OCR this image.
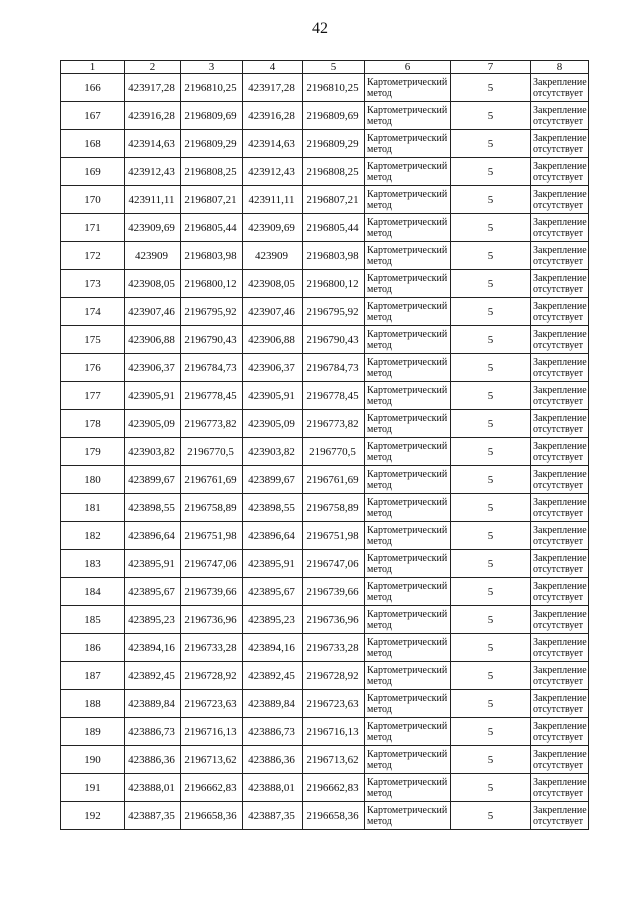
42
1	2	3	4	5	6	7	8
166	423917,28	2196810,25	423917,28	2196810,25	Картометрический метод	5	Закрепление отсутствует
167	423916,28	2196809,69	423916,28	2196809,69	Картометрический метод	5	Закрепление отсутствует
168	423914,63	2196809,29	423914,63	2196809,29	Картометрический метод	5	Закрепление отсутствует
169	423912,43	2196808,25	423912,43	2196808,25	Картометрический метод	5	Закрепление отсутствует
170	423911,11	2196807,21	423911,11	2196807,21	Картометрический метод	5	Закрепление отсутствует
171	423909,69	2196805,44	423909,69	2196805,44	Картометрический метод	5	Закрепление отсутствует
172	423909	2196803,98	423909	2196803,98	Картометрический метод	5	Закрепление отсутствует
173	423908,05	2196800,12	423908,05	2196800,12	Картометрический метод	5	Закрепление отсутствует
174	423907,46	2196795,92	423907,46	2196795,92	Картометрический метод	5	Закрепление отсутствует
175	423906,88	2196790,43	423906,88	2196790,43	Картометрический метод	5	Закрепление отсутствует
176	423906,37	2196784,73	423906,37	2196784,73	Картометрический метод	5	Закрепление отсутствует
177	423905,91	2196778,45	423905,91	2196778,45	Картометрический метод	5	Закрепление отсутствует
178	423905,09	2196773,82	423905,09	2196773,82	Картометрический метод	5	Закрепление отсутствует
179	423903,82	2196770,5	423903,82	2196770,5	Картометрический метод	5	Закрепление отсутствует
180	423899,67	2196761,69	423899,67	2196761,69	Картометрический метод	5	Закрепление отсутствует
181	423898,55	2196758,89	423898,55	2196758,89	Картометрический метод	5	Закрепление отсутствует
182	423896,64	2196751,98	423896,64	2196751,98	Картометрический метод	5	Закрепление отсутствует
183	423895,91	2196747,06	423895,91	2196747,06	Картометрический метод	5	Закрепление отсутствует
184	423895,67	2196739,66	423895,67	2196739,66	Картометрический метод	5	Закрепление отсутствует
185	423895,23	2196736,96	423895,23	2196736,96	Картометрический метод	5	Закрепление отсутствует
186	423894,16	2196733,28	423894,16	2196733,28	Картометрический метод	5	Закрепление отсутствует
187	423892,45	2196728,92	423892,45	2196728,92	Картометрический метод	5	Закрепление отсутствует
188	423889,84	2196723,63	423889,84	2196723,63	Картометрический метод	5	Закрепление отсутствует
189	423886,73	2196716,13	423886,73	2196716,13	Картометрический метод	5	Закрепление отсутствует
190	423886,36	2196713,62	423886,36	2196713,62	Картометрический метод	5	Закрепление отсутствует
191	423888,01	2196662,83	423888,01	2196662,83	Картометрический метод	5	Закрепление отсутствует
192	423887,35	2196658,36	423887,35	2196658,36	Картометрический метод	5	Закрепление отсутствует
